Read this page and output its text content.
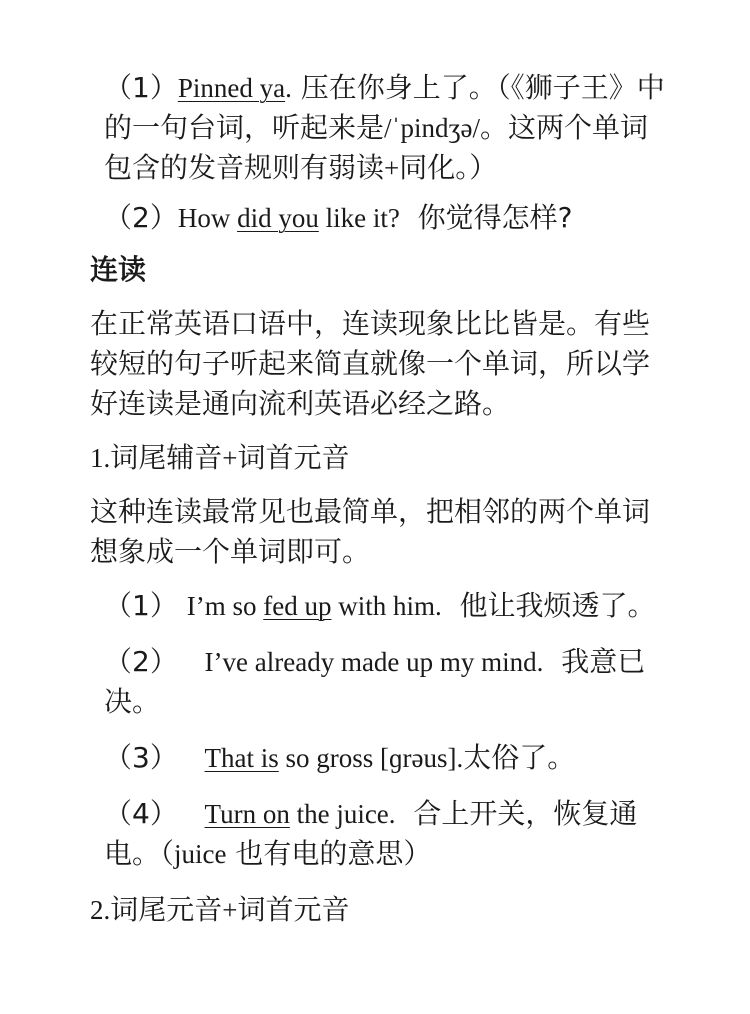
（1）Pinned ya. 压在你身上了。（《狮子王》中的一句台词，听起来是/ˈpindʒə/。这两个单词包含的发音规则有弱读+同化。）

（2）How did you like it? 你觉得怎样?

连读

在正常英语口语中，连读现象比比皆是。有些较短的句子听起来简直就像一个单词，所以学好连读是通向流利英语必经之路。

1.词尾辅音+词首元音

这种连读最常见也最简单，把相邻的两个单词想象成一个单词即可。

（1） I’m so fed up with him. 他让我烦透了。

（2） I’ve already made up my mind. 我意已决。

（3） That is so gross [ɡrəus].太俗了。

（4） Turn on the juice. 合上开关，恢复通电。（juice 也有电的意思）

2.词尾元音+词首元音
